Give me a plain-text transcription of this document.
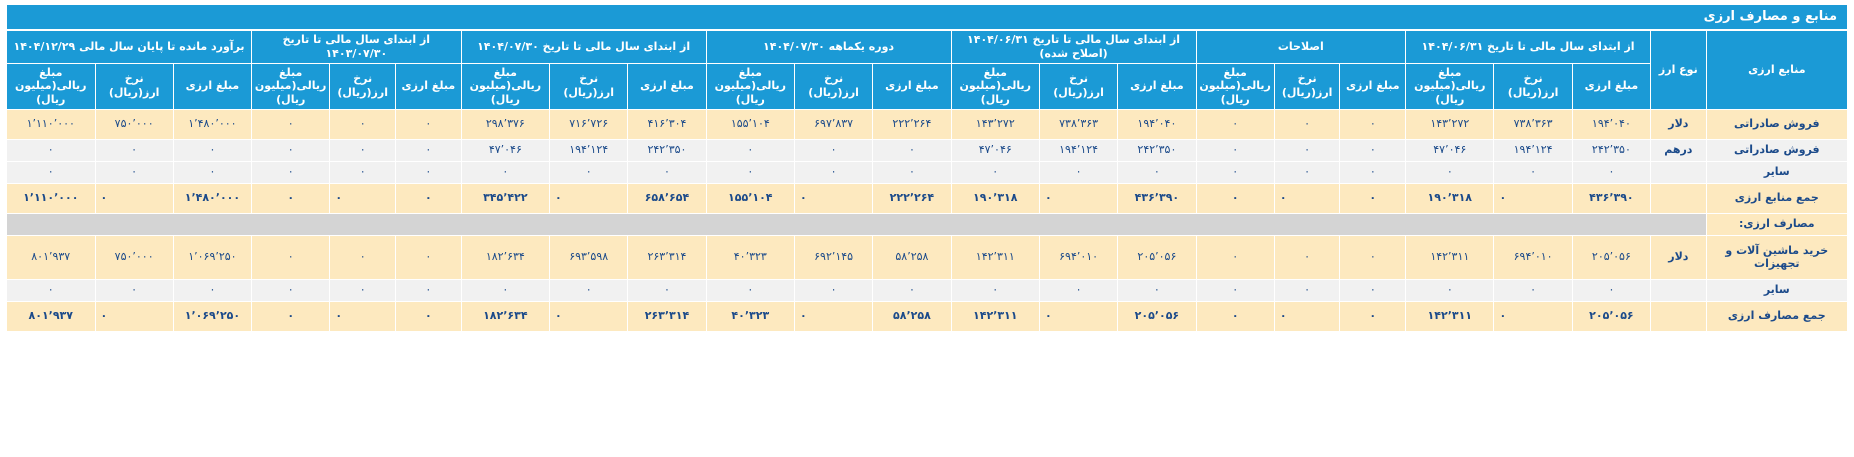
منابع و مصارف ارزی
منابع ارزی	نوع ارز	از ابتدای سال مالی تا تاریخ ۱۴۰۴/۰۶/۳۱			اصلاحات			از ابتدای سال مالی تا تاریخ ۱۴۰۴/۰۶/۳۱ (اصلاح شده)			دوره یکماهه ۱۴۰۴/۰۷/۳۰			از ابتدای سال مالی تا تاریخ ۱۴۰۴/۰۷/۳۰			از ابتدای سال مالی تا تاریخ ۱۴۰۳/۰۷/۳۰			برآورد مانده تا پایان سال مالی ۱۴۰۴/۱۲/۲۹		
		مبلغ ارزی	نرخ ارز(ریال)	مبلغ ریالی(میلیون ریال)	مبلغ ارزی	نرخ ارز(ریال)	مبلغ ریالی(میلیون ریال)	مبلغ ارزی	نرخ ارز(ریال)	مبلغ ریالی(میلیون ریال)	مبلغ ارزی	نرخ ارز(ریال)	مبلغ ریالی(میلیون ریال)	مبلغ ارزی	نرخ ارز(ریال)	مبلغ ریالی(میلیون ریال)	مبلغ ارزی	نرخ ارز(ریال)	مبلغ ریالی(میلیون ریال)	مبلغ ارزی	نرخ ارز(ریال)	مبلغ ریالی(میلیون ریال)
فروش صادراتی	دلار	۱۹۴٬۰۴۰	۷۳۸٬۳۶۳	۱۴۳٬۲۷۲	۰	۰	۰	۱۹۴٬۰۴۰	۷۳۸٬۳۶۳	۱۴۳٬۲۷۲	۲۲۲٬۲۶۴	۶۹۷٬۸۳۷	۱۵۵٬۱۰۴	۴۱۶٬۳۰۴	۷۱۶٬۷۲۶	۲۹۸٬۳۷۶	۰	۰	۰	۱٬۴۸۰٬۰۰۰	۷۵۰٬۰۰۰	۱٬۱۱۰٬۰۰۰
فروش صادراتی	درهم	۲۴۲٬۳۵۰	۱۹۴٬۱۲۴	۴۷٬۰۴۶	۰	۰	۰	۲۴۲٬۳۵۰	۱۹۴٬۱۲۴	۴۷٬۰۴۶	۰	۰	۰	۲۴۲٬۳۵۰	۱۹۴٬۱۲۴	۴۷٬۰۴۶	۰	۰	۰	۰	۰	۰
سایر		۰	۰	۰	۰	۰	۰	۰	۰	۰	۰	۰	۰	۰	۰	۰	۰	۰	۰	۰	۰	۰
جمع منابع ارزی		۴۳۶٬۳۹۰	۰	۱۹۰٬۳۱۸	۰	۰	۰	۴۳۶٬۳۹۰	۰	۱۹۰٬۳۱۸	۲۲۲٬۲۶۴	۰	۱۵۵٬۱۰۴	۶۵۸٬۶۵۴	۰	۳۴۵٬۴۲۲	۰	۰	۰	۱٬۴۸۰٬۰۰۰	۰	۱٬۱۱۰٬۰۰۰
مصارف ارزی:																						
خرید ماشین آلات و تجهیزات	دلار	۲۰۵٬۰۵۶	۶۹۴٬۰۱۰	۱۴۲٬۳۱۱	۰	۰	۰	۲۰۵٬۰۵۶	۶۹۴٬۰۱۰	۱۴۲٬۳۱۱	۵۸٬۲۵۸	۶۹۲٬۱۴۵	۴۰٬۳۲۳	۲۶۳٬۳۱۴	۶۹۳٬۵۹۸	۱۸۲٬۶۳۴	۰	۰	۰	۱٬۰۶۹٬۲۵۰	۷۵۰٬۰۰۰	۸۰۱٬۹۳۷
سایر		۰	۰	۰	۰	۰	۰	۰	۰	۰	۰	۰	۰	۰	۰	۰	۰	۰	۰	۰	۰	۰
جمع مصارف ارزی		۲۰۵٬۰۵۶	۰	۱۴۲٬۳۱۱	۰	۰	۰	۲۰۵٬۰۵۶	۰	۱۴۲٬۳۱۱	۵۸٬۲۵۸	۰	۴۰٬۳۲۳	۲۶۳٬۳۱۴	۰	۱۸۲٬۶۳۴	۰	۰	۰	۱٬۰۶۹٬۲۵۰	۰	۸۰۱٬۹۳۷
